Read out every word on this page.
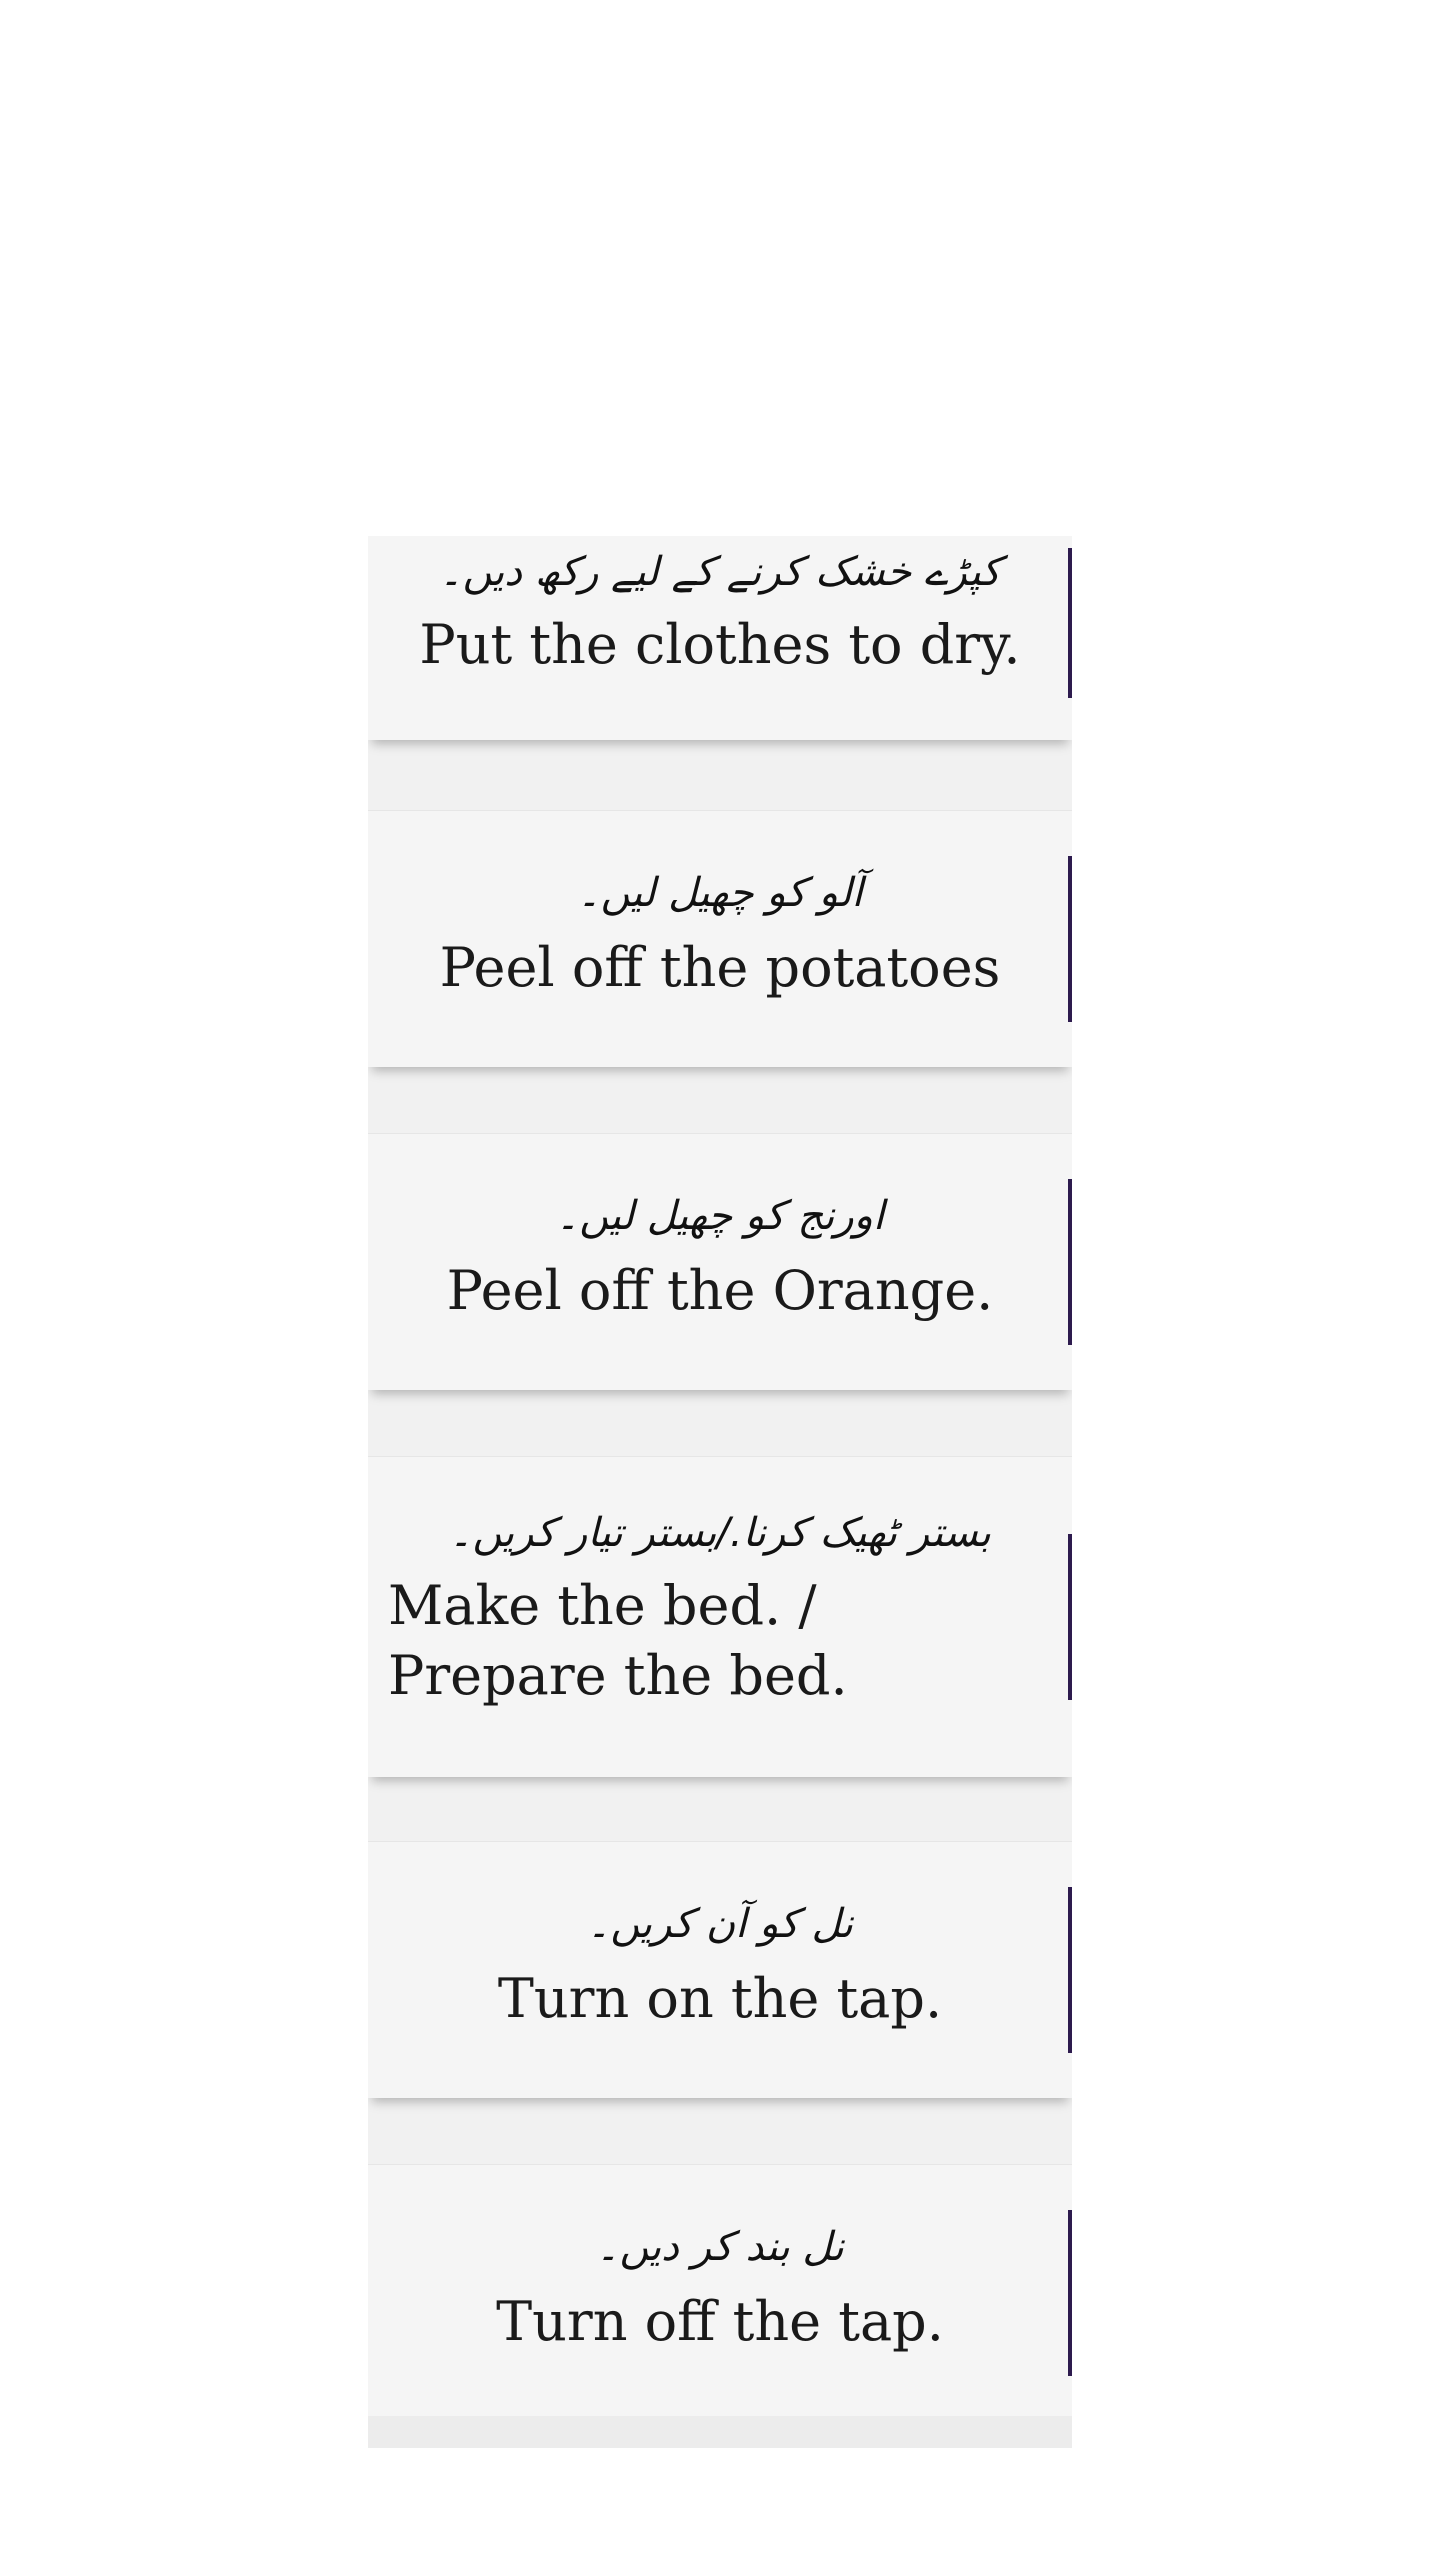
کپڑے خشک کرنے کے لیے رکھ دیں۔
Put the clothes to dry.
آلو کو چھیل لیں۔
Peel off the potatoes
اورنج کو چھیل لیں۔
Peel off the Orange.
بستر ٹھیک کرنا./بستر تیار کریں۔
Make the bed. / Prepare the bed.
نل کو آن کریں۔
Turn on the tap.
نل بند کر دیں۔
Turn off the tap.
